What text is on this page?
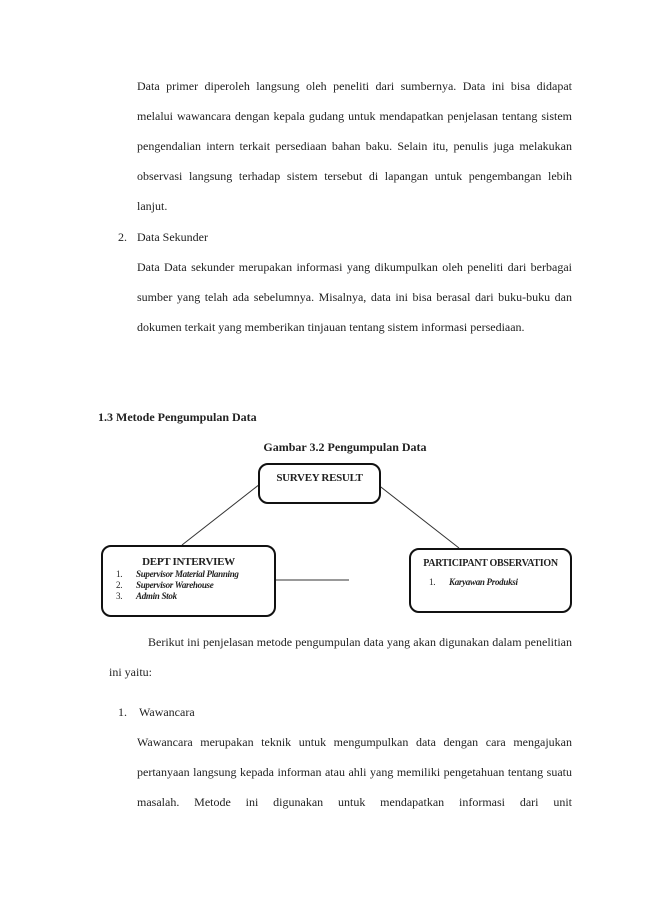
Data primer diperoleh langsung oleh peneliti dari sumbernya. Data ini bisa didapat melalui wawancara dengan kepala gudang untuk mendapatkan penjelasan tentang sistem pengendalian intern terkait persediaan bahan baku. Selain itu, penulis juga melakukan observasi langsung terhadap sistem tersebut di lapangan untuk pengembangan lebih lanjut.

2. Data Sekunder

Data Data sekunder merupakan informasi yang dikumpulkan oleh peneliti dari berbagai sumber yang telah ada sebelumnya. Misalnya, data ini bisa berasal dari buku-buku dan dokumen terkait yang memberikan tinjauan tentang sistem informasi persediaan.

1.3 Metode Pengumpulan Data
Gambar 3.2 Pengumpulan Data
SURVEY RESULT
DEPT INTERVIEW
1. Supervisor Material Planning
2. Supervisor Warehouse
3. Admin Stok
PARTICIPANT OBSERVATION
1. Karyawan Produksi

Berikut ini penjelasan metode pengumpulan data yang akan digunakan dalam penelitian ini yaitu:

1. Wawancara

Wawancara merupakan teknik untuk mengumpulkan data dengan cara mengajukan pertanyaan langsung kepada informan atau ahli yang memiliki pengetahuan tentang suatu masalah. Metode ini digunakan untuk mendapatkan informasi dari unit
